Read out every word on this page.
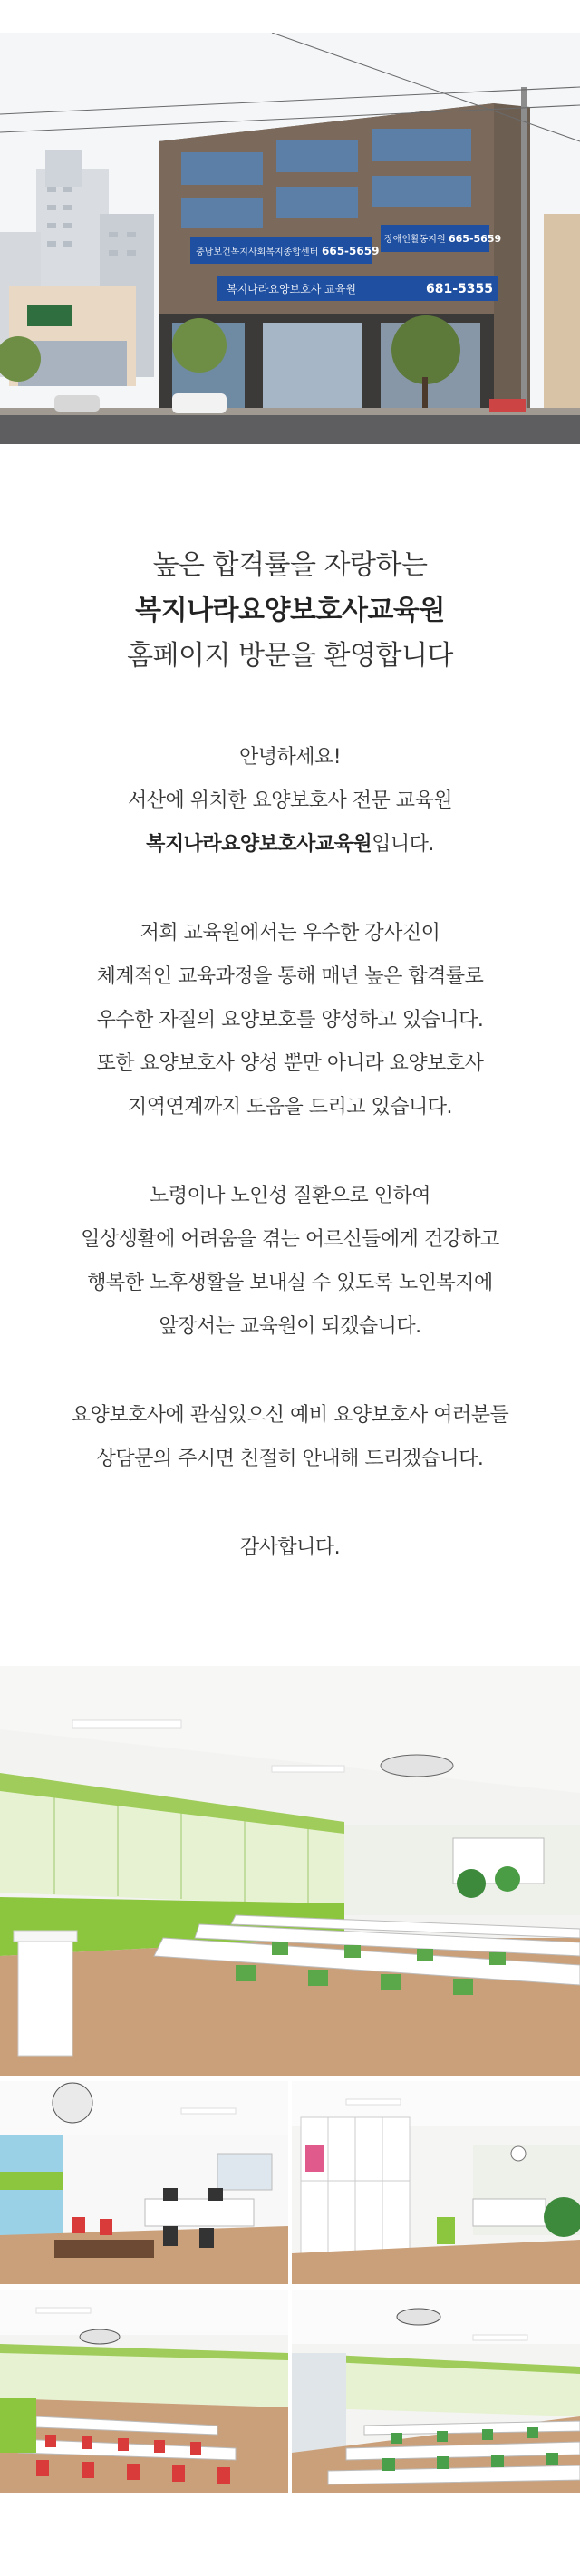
충남보건복지사회복지종합센터 665-5659
장애인활동지원 665-5659
복지나라요양보호사 교육원	681-5355
높은 합격률을 자랑하는
복지나라요양보호사교육원
홈페이지 방문을 환영합니다
안녕하세요!
서산에 위치한 요양보호사 전문 교육원
복지나라요양보호사교육원입니다.
저희 교육원에서는 우수한 강사진이
체계적인 교육과정을 통해 매년 높은 합격률로
우수한 자질의 요양보호를 양성하고 있습니다.
또한 요양보호사 양성 뿐만 아니라 요양보호사
지역연계까지 도움을 드리고 있습니다.
노령이나 노인성 질환으로 인하여
일상생활에 어려움을 겪는 어르신들에게 건강하고
행복한 노후생활을 보내실 수 있도록 노인복지에
앞장서는 교육원이 되겠습니다.
요양보호사에 관심있으신 예비 요양보호사 여러분들
상담문의 주시면 친절히 안내해 드리겠습니다.
감사합니다.
